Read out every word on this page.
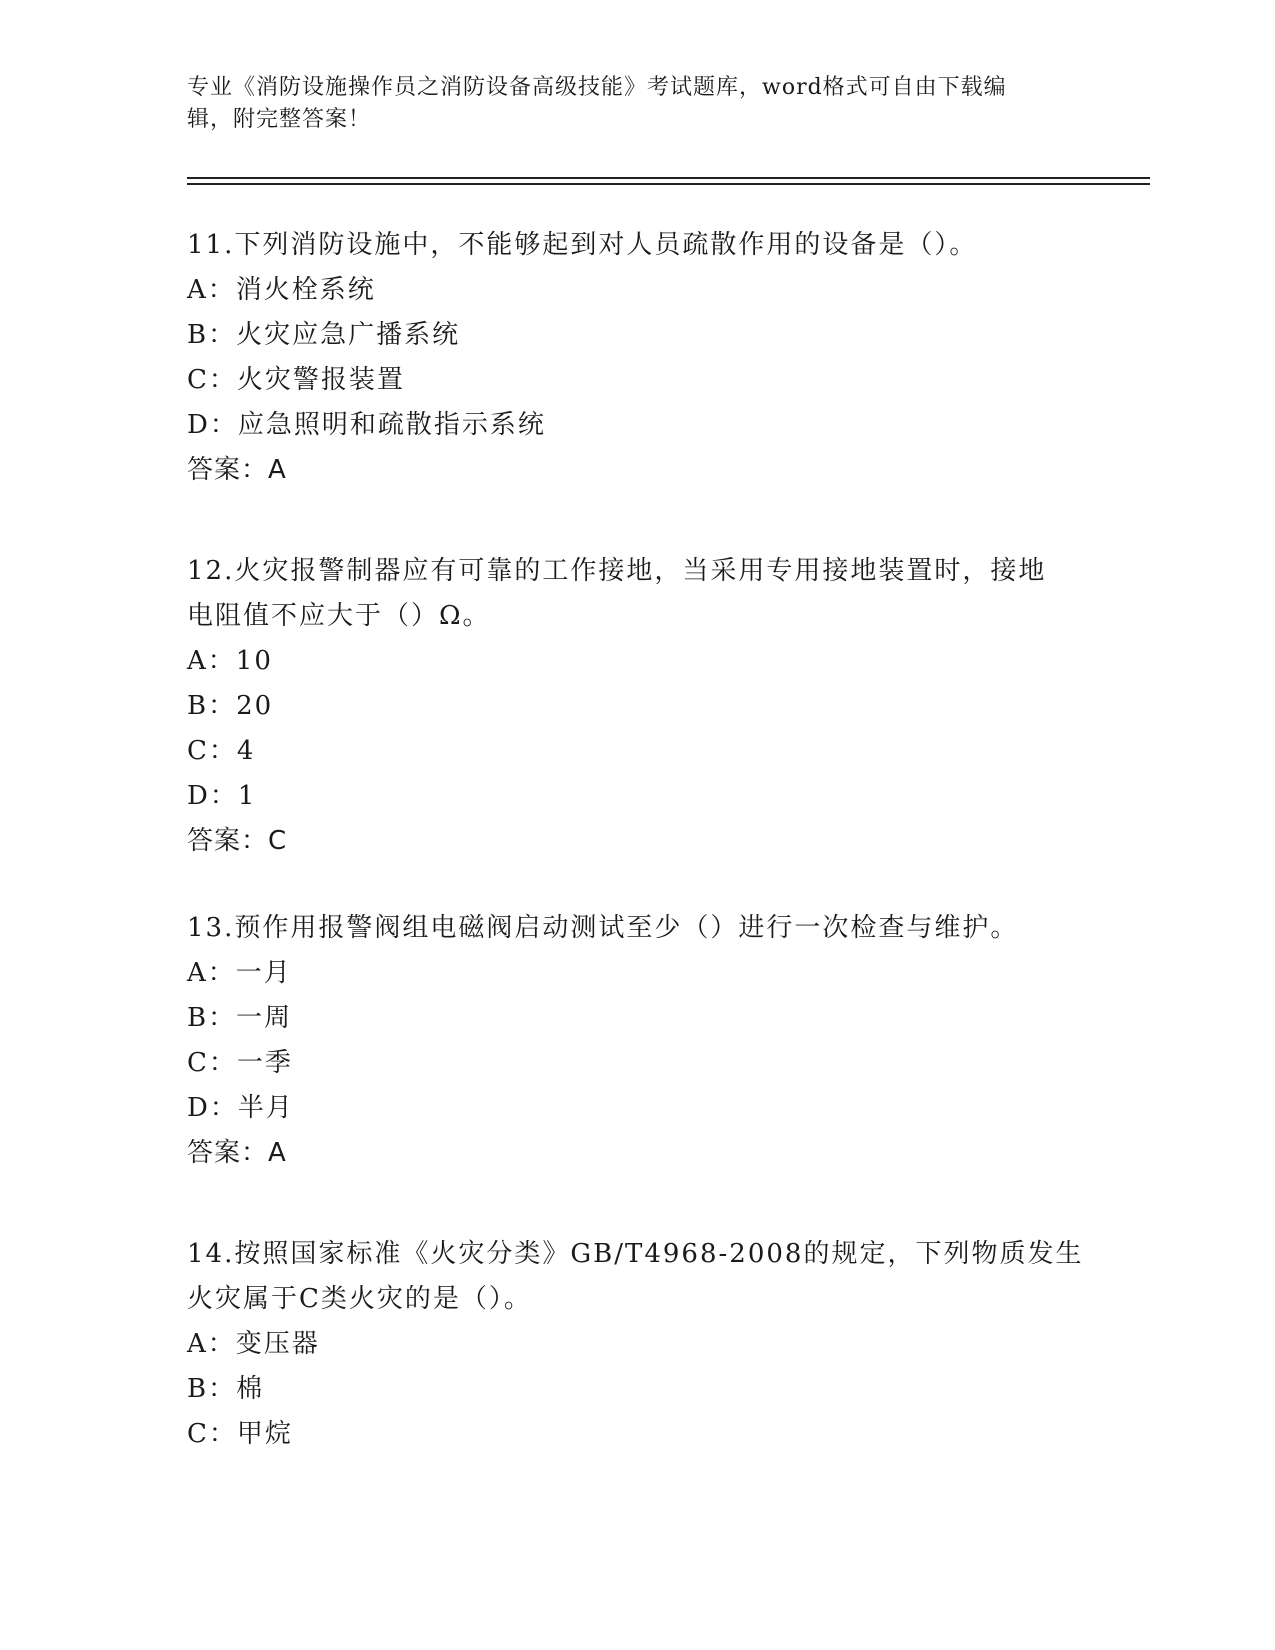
专业《消防设施操作员之消防设备高级技能》考试题库，word格式可自由下载编
辑，附完整答案！
11.下列消防设施中，不能够起到对人员疏散作用的设备是（）。
A：消火栓系统
B：火灾应急广播系统
C：火灾警报装置
D：应急照明和疏散指示系统
答案：A
12.火灾报警制器应有可靠的工作接地，当采用专用接地装置时，接地
电阻值不应大于（）Ω。
A：10
B：20
C：4
D：1
答案：C
13.预作用报警阀组电磁阀启动测试至少（）进行一次检查与维护。
A：一月
B：一周
C：一季
D：半月
答案：A
14.按照国家标准《火灾分类》GB/T4968-2008的规定，下列物质发生
火灾属于C类火灾的是（）。
A：变压器
B：棉
C：甲烷
